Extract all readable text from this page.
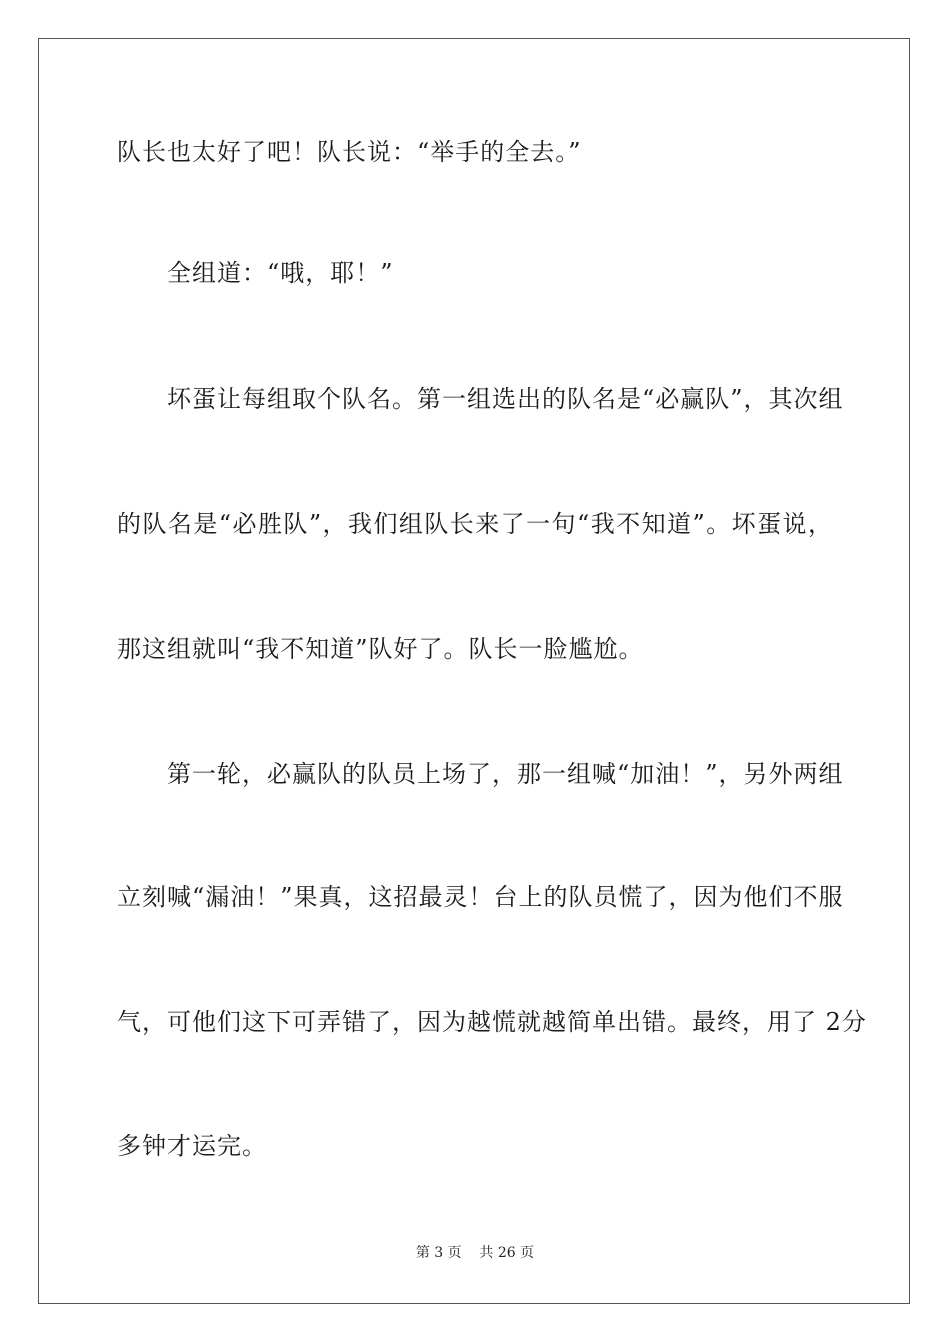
队长也太好了吧！队长说：“举手的全去。”
　　全组道：“哦，耶！”
　　坏蛋让每组取个队名。第一组选出的队名是“必赢队”，其次组
的队名是“必胜队”，我们组队长来了一句“我不知道”。坏蛋说，
那这组就叫“我不知道”队好了。队长一脸尴尬。
　　第一轮，必赢队的队员上场了，那一组喊“加油！”，另外两组
立刻喊“漏油！”果真，这招最灵！台上的队员慌了，因为他们不服
气，可他们这下可弄错了，因为越慌就越简单出错。最终，用了 2分
多钟才运完。
第 3 页    共 26 页
